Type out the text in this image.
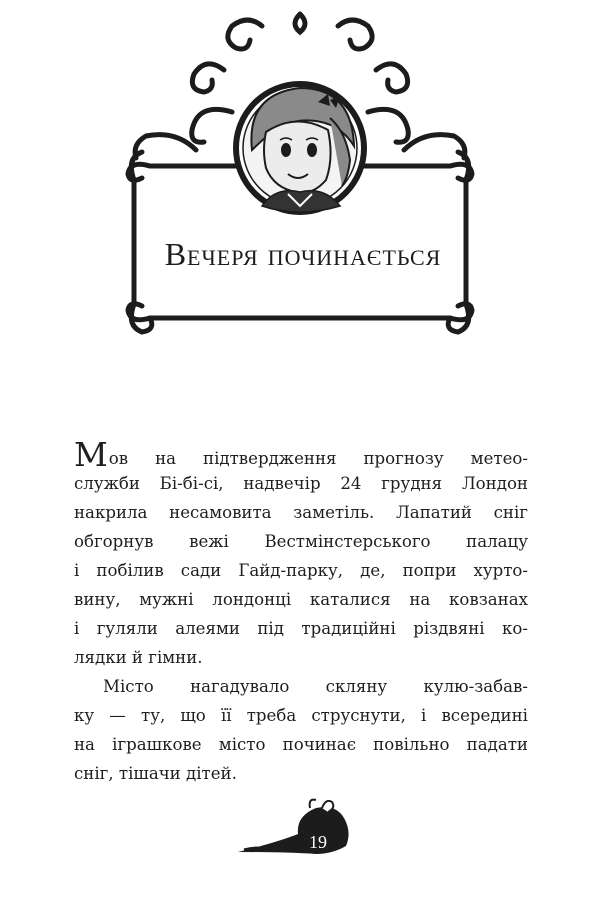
Вечеря починається

Мов на підтвердження прогнозу метео-
служби Бі-бі-сі, надвечір 24 грудня Лондон
накрила несамовита заметіль. Лапатий сніг
обгорнув вежі Вестмінстерського палацу
і побілив сади Гайд-парку, де, попри хурто-
вину, мужні лондонці каталися на ковзанах
і гуляли алеями під традиційні різдвяні ко-
лядки й гімни.

Місто нагадувало скляну кулю-забав-
ку — ту, що її треба струснути, і всередині
на іграшкове місто починає повільно падати
сніг, тішачи дітей.

19
